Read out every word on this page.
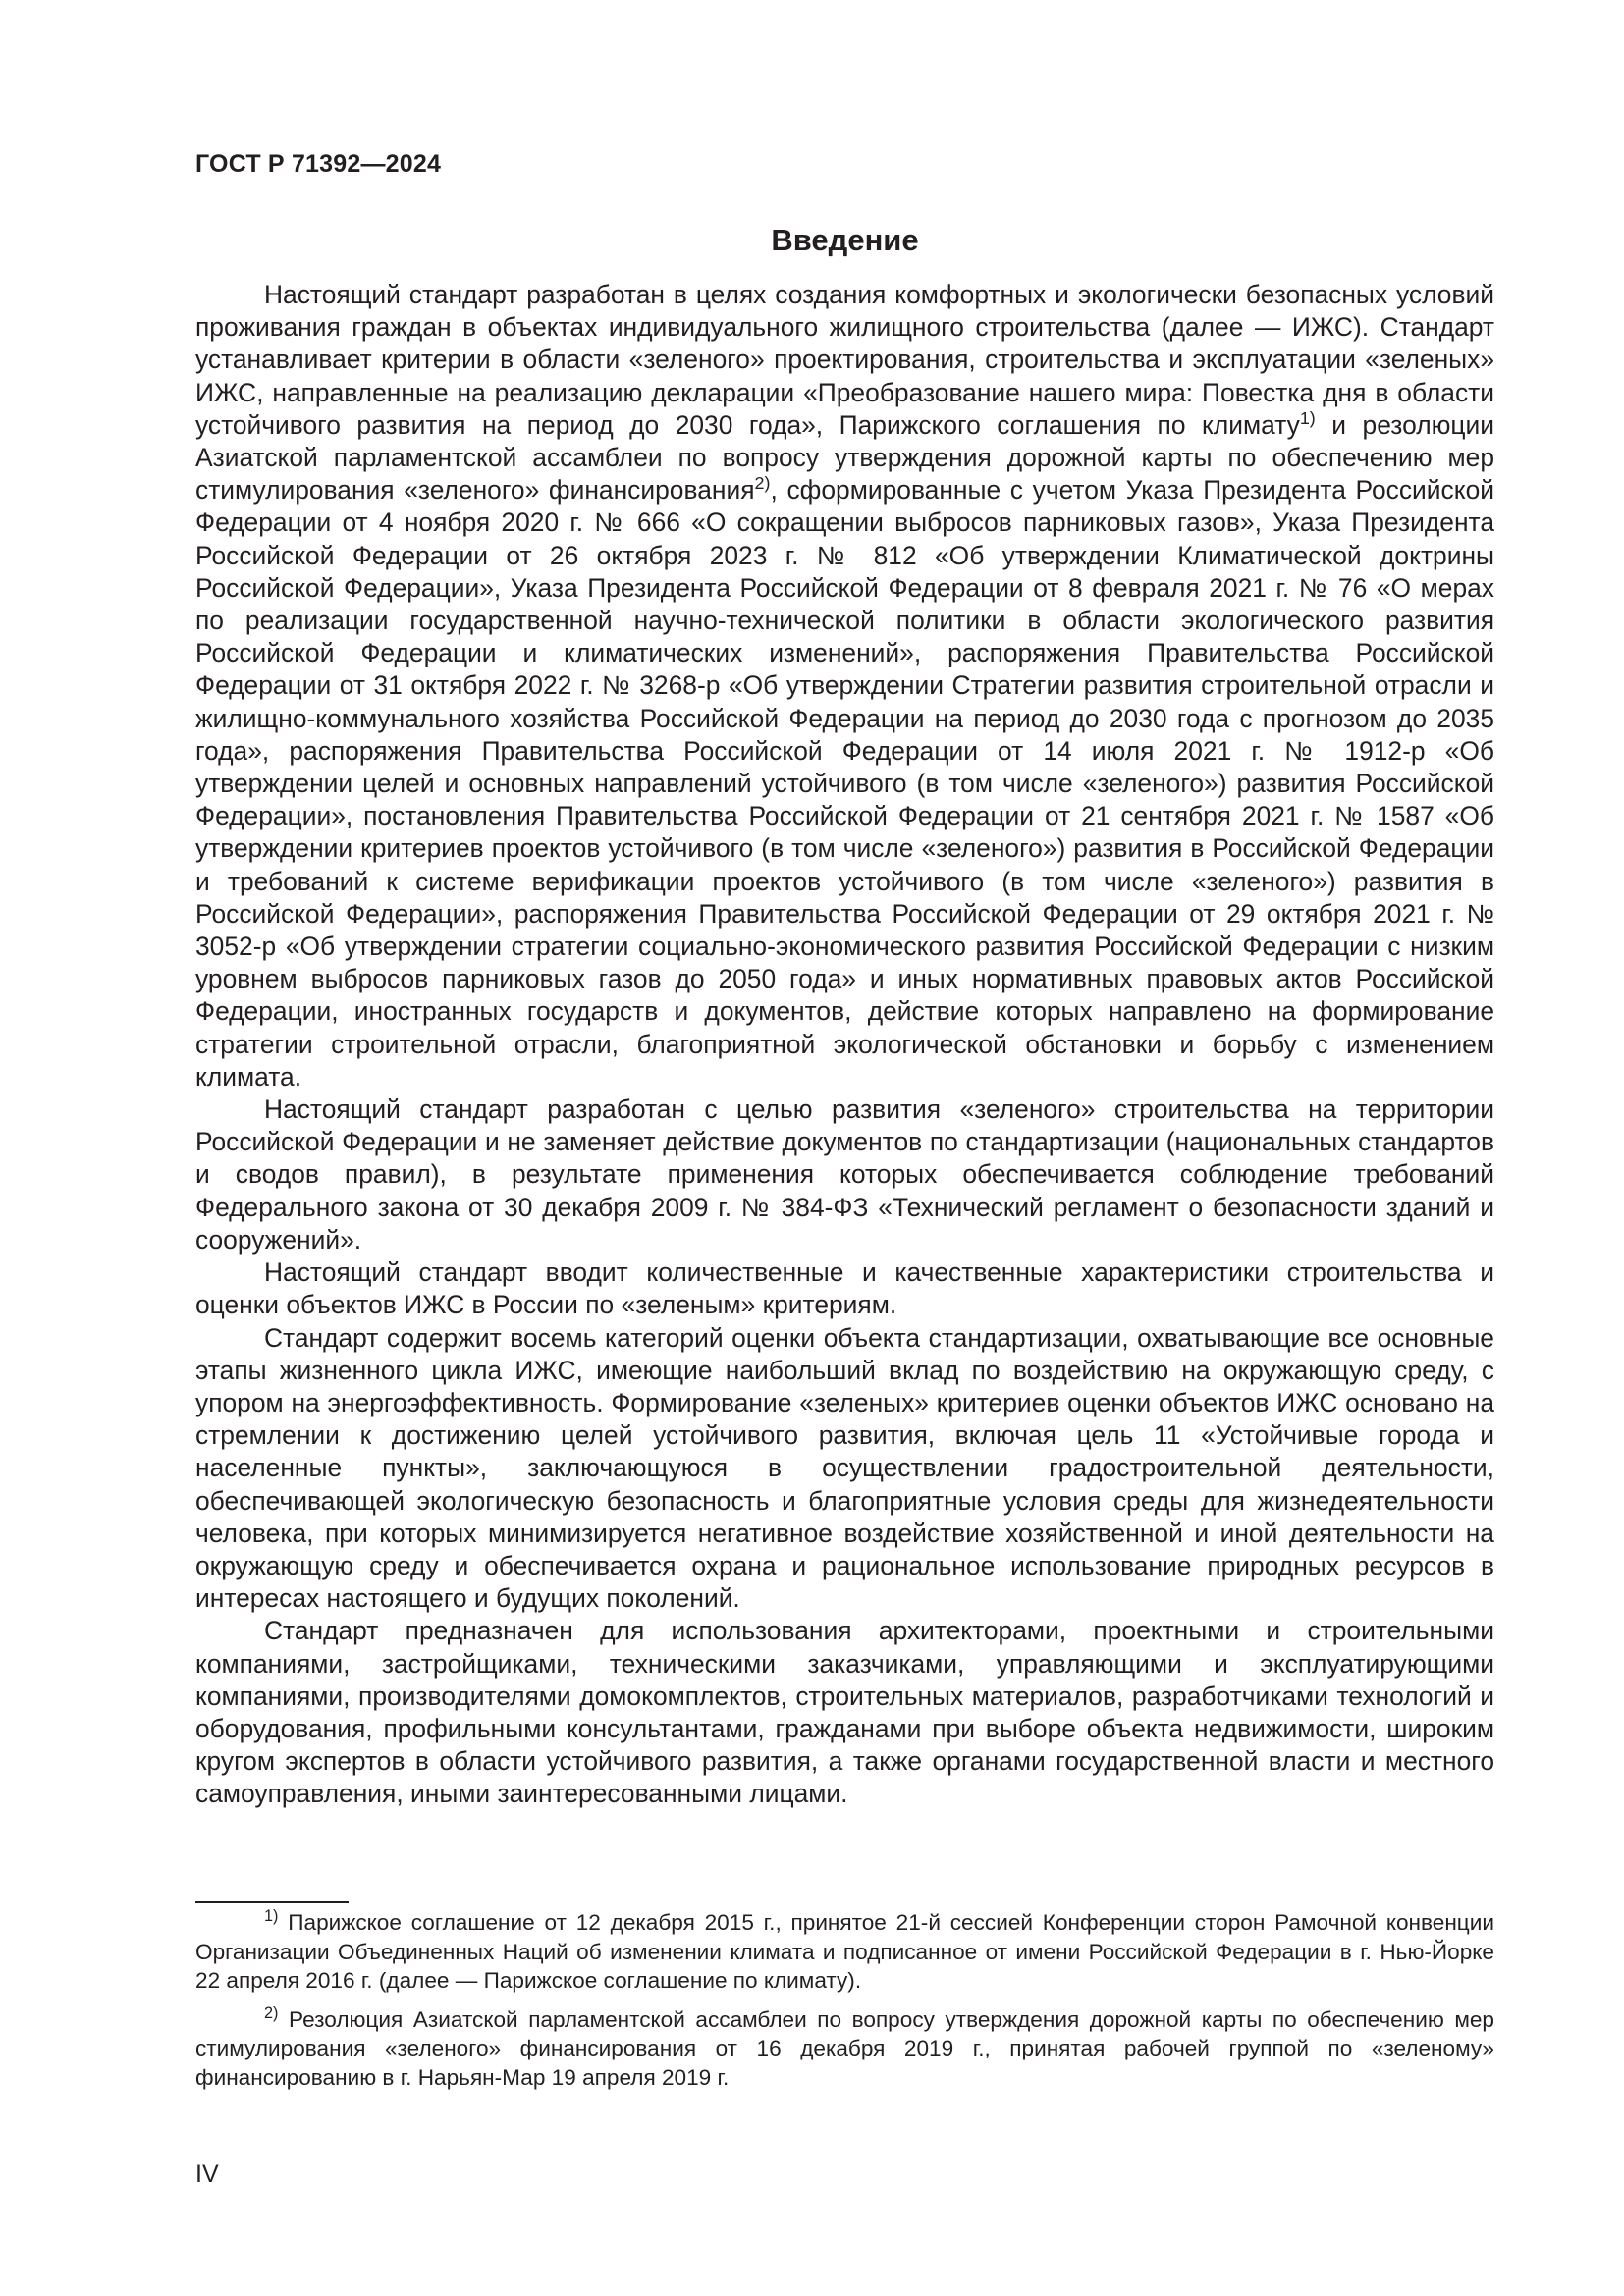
ГОСТ Р 71392—2024
Введение

Настоящий стандарт разработан в целях создания комфортных и экологически безопасных условий проживания граждан в объектах индивидуального жилищного строительства (далее — ИЖС). Стандарт устанавливает критерии в области «зеленого» проектирования, строительства и эксплуатации «зеленых» ИЖС, направленные на реализацию декларации «Преобразование нашего мира: Повестка дня в области устойчивого развития на период до 2030 года», Парижского соглашения по климату$^{1)}$ и резолюции Азиатской парламентской ассамблеи по вопросу утверждения дорожной карты по обеспечению мер стимулирования «зеленого» финансирования$^{2)}$, сформированные с учетом Указа Президента Российской Федерации от 4 ноября 2020 г. № 666 «О сокращении выбросов парниковых газов», Указа Президента Российской Федерации от 26 октября 2023 г. № 812 «Об утверждении Климатической доктрины Российской Федерации», Указа Президента Российской Федерации от 8 февраля 2021 г. № 76 «О мерах по реализации государственной научно-технической политики в области экологического развития Российской Федерации и климатических изменений», распоряжения Правительства Российской Федерации от 31 октября 2022 г. № 3268-р «Об утверждении Стратегии развития строительной отрасли и жилищно-коммунального хозяйства Российской Федерации на период до 2030 года с прогнозом до 2035 года», распоряжения Правительства Российской Федерации от 14 июля 2021 г. № 1912-р «Об утверждении целей и основных направлений устойчивого (в том числе «зеленого») развития Российской Федерации», постановления Правительства Российской Федерации от 21 сентября 2021 г. № 1587 «Об утверждении критериев проектов устойчивого (в том числе «зеленого») развития в Российской Федерации и требований к системе верификации проектов устойчивого (в том числе «зеленого») развития в Российской Федерации», распоряжения Правительства Российской Федерации от 29 октября 2021 г. № 3052-р «Об утверждении стратегии социально-экономического развития Российской Федерации с низким уровнем выбросов парниковых газов до 2050 года» и иных нормативных правовых актов Российской Федерации, иностранных государств и документов, действие которых направлено на формирование стратегии строительной отрасли, благоприятной экологической обстановки и борьбу с изменением климата.

Настоящий стандарт разработан с целью развития «зеленого» строительства на территории Российской Федерации и не заменяет действие документов по стандартизации (национальных стандартов и сводов правил), в результате применения которых обеспечивается соблюдение требований Федерального закона от 30 декабря 2009 г. № 384-ФЗ «Технический регламент о безопасности зданий и сооружений».

Настоящий стандарт вводит количественные и качественные характеристики строительства и оценки объектов ИЖС в России по «зеленым» критериям.

Стандарт содержит восемь категорий оценки объекта стандартизации, охватывающие все основные этапы жизненного цикла ИЖС, имеющие наибольший вклад по воздействию на окружающую среду, с упором на энергоэффективность. Формирование «зеленых» критериев оценки объектов ИЖС основано на стремлении к достижению целей устойчивого развития, включая цель 11 «Устойчивые города и населенные пункты», заключающуюся в осуществлении градостроительной деятельности, обеспечивающей экологическую безопасность и благоприятные условия среды для жизнедеятельности человека, при которых минимизируется негативное воздействие хозяйственной и иной деятельности на окружающую среду и обеспечивается охрана и рациональное использование природных ресурсов в интересах настоящего и будущих поколений.

Стандарт предназначен для использования архитекторами, проектными и строительными компаниями, застройщиками, техническими заказчиками, управляющими и эксплуатирующими компаниями, производителями домокомплектов, строительных материалов, разработчиками технологий и оборудования, профильными консультантами, гражданами при выборе объекта недвижимости, широким кругом экспертов в области устойчивого развития, а также органами государственной власти и местного самоуправления, иными заинтересованными лицами.

$^{1)}$ Парижское соглашение от 12 декабря 2015 г., принятое 21-й сессией Конференции сторон Рамочной конвенции Организации Объединенных Наций об изменении климата и подписанное от имени Российской Федерации в г. Нью-Йорке 22 апреля 2016 г. (далее — Парижское соглашение по климату).

$^{2)}$ Резолюция Азиатской парламентской ассамблеи по вопросу утверждения дорожной карты по обеспечению мер стимулирования «зеленого» финансирования от 16 декабря 2019 г., принятая рабочей группой по «зеленому» финансированию в г. Нарьян-Мар 19 апреля 2019 г.

IV
